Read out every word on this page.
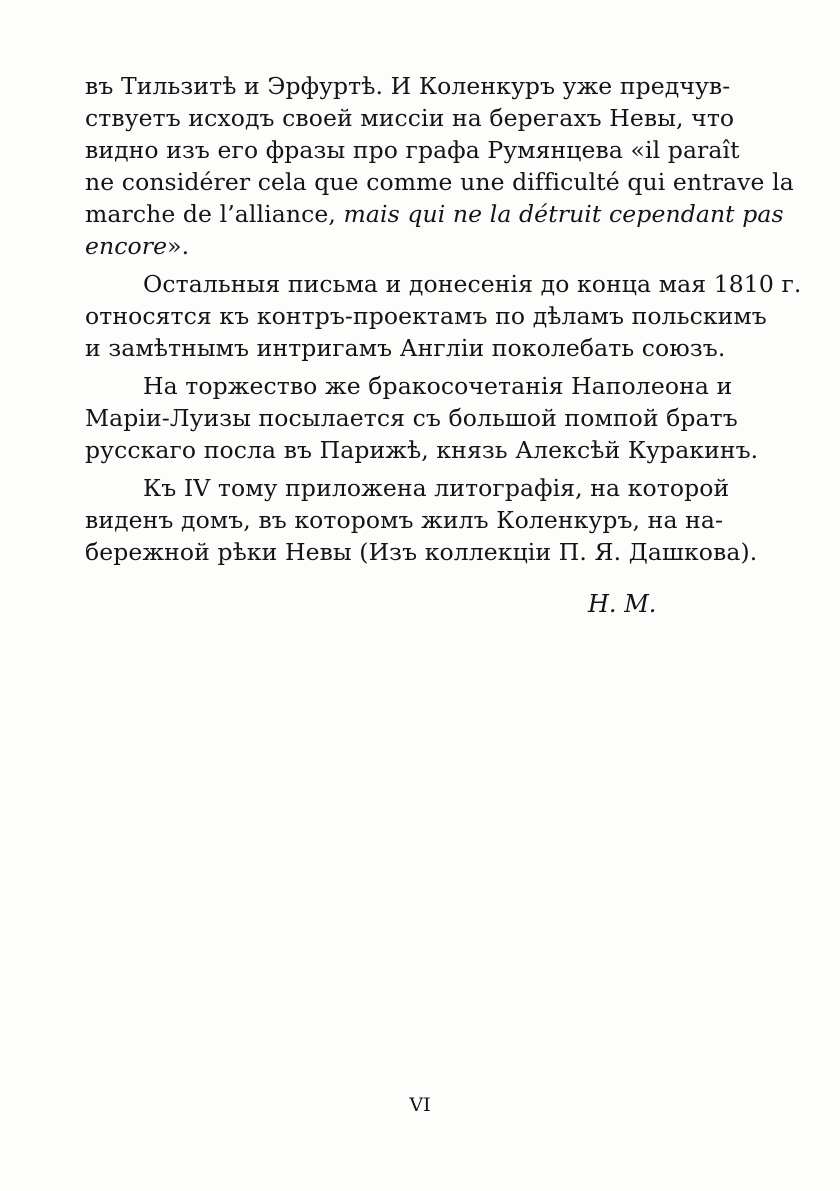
въ Тильзитѣ и Эрфуртѣ. И Коленкуръ уже предчув-
ствуетъ исходъ своей миссіи на берегахъ Невы, что
видно изъ его фразы про графа Румянцева «il paraît
ne considérer cela que comme une difficulté qui entrave la
marche de l’alliance, mais qui ne la détruit cependant pas
encore».
Остальныя письма и донесенія до конца мая 1810 г.
относятся къ контръ-проектамъ по дѣламъ польскимъ
и замѣтнымъ интригамъ Англіи поколебать союзъ.
На торжество же бракосочетанія Наполеона и
Маріи-Луизы посылается съ большой помпой братъ
русскаго посла въ Парижѣ, князь Алексѣй Куракинъ.
Къ IV тому приложена литографія, на которой
виденъ домъ, въ которомъ жилъ Коленкуръ, на на-
бережной рѣки Невы (Изъ коллекціи П. Я. Дашкова).
Н. М.
VI
